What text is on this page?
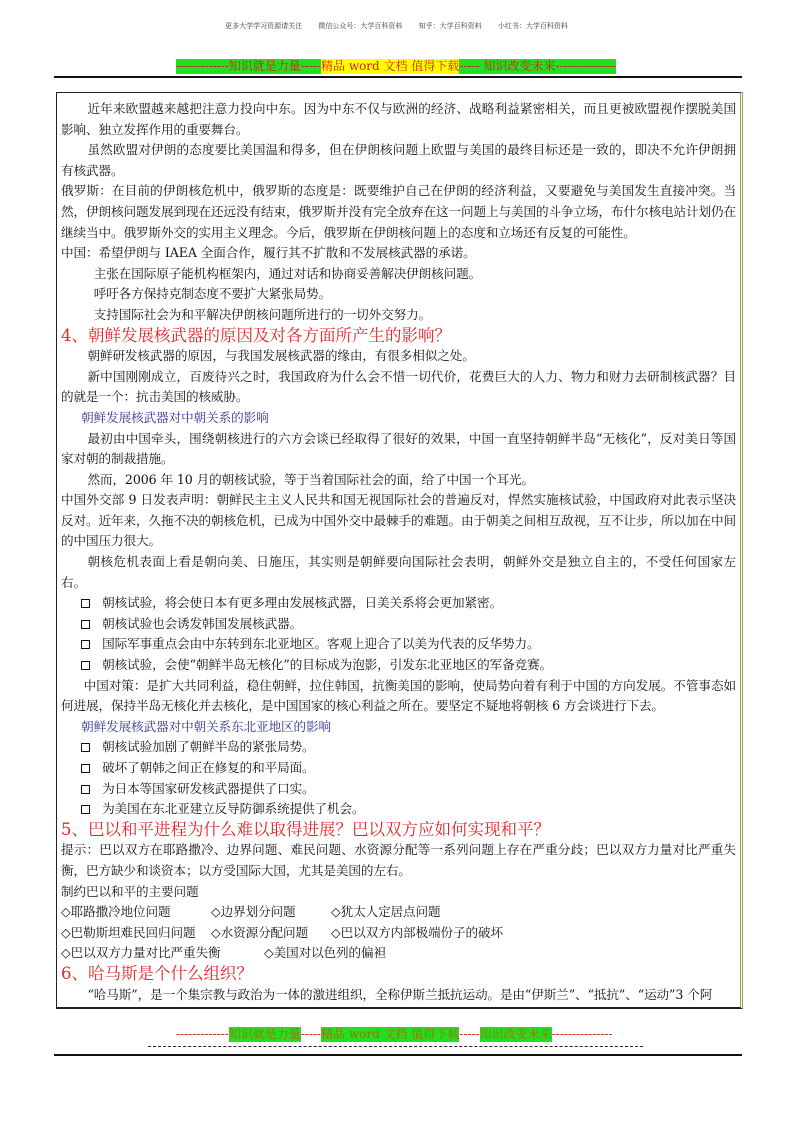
更多大学学习资源请关注 微信公众号：大学百科资料 知乎：大学百科资料 小红书：大学百科资料
-------------知识就是力量-----精品 word 文档 值得下载----- 知识改变未来---------------

近年来欧盟越来越把注意力投向中东。因为中东不仅与欧洲的经济、战略利益紧密相关，而且更被欧盟视作摆脱美国影响、独立发挥作用的重要舞台。

虽然欧盟对伊朗的态度要比美国温和得多，但在伊朗核问题上欧盟与美国的最终目标还是一致的，即决不允许伊朗拥有核武器。

俄罗斯：在目前的伊朗核危机中，俄罗斯的态度是：既要维护自己在伊朗的经济利益，又要避免与美国发生直接冲突。当然，伊朗核问题发展到现在还远没有结束，俄罗斯并没有完全放弃在这一问题上与美国的斗争立场，布什尔核电站计划仍在继续当中。俄罗斯外交的实用主义理念。今后，俄罗斯在伊朗核问题上的态度和立场还有反复的可能性。

中国：希望伊朗与 IAEA 全面合作，履行其不扩散和不发展核武器的承诺。

主张在国际原子能机构框架内，通过对话和协商妥善解决伊朗核问题。

呼吁各方保持克制态度不要扩大紧张局势。

支持国际社会为和平解决伊朗核问题所进行的一切外交努力。

4、朝鲜发展核武器的原因及对各方面所产生的影响？

朝鲜研发核武器的原因，与我国发展核武器的缘由，有很多相似之处。

新中国刚刚成立，百废待兴之时，我国政府为什么会不惜一切代价，花费巨大的人力、物力和财力去研制核武器？目的就是一个：抗击美国的核威胁。

朝鲜发展核武器对中朝关系的影响

最初由中国牵头，围绕朝核进行的六方会谈已经取得了很好的效果，中国一直坚持朝鲜半岛“无核化”，反对美日等国家对朝的制裁措施。

然而，2006 年 10 月的朝核试验，等于当着国际社会的面，给了中国一个耳光。

中国外交部 9 日发表声明：朝鲜民主主义人民共和国无视国际社会的普遍反对，悍然实施核试验，中国政府对此表示坚决反对。近年来，久拖不决的朝核危机，已成为中国外交中最棘手的难题。由于朝美之间相互敌视，互不让步，所以加在中间的中国压力很大。

朝核危机表面上看是朝向美、日施压，其实则是朝鲜要向国际社会表明，朝鲜外交是独立自主的，不受任何国家左右。

朝核试验，将会使日本有更多理由发展核武器，日美关系将会更加紧密。

朝核试验也会诱发韩国发展核武器。

国际军事重点会由中东转到东北亚地区。客观上迎合了以美为代表的反华势力。

朝核试验，会使“朝鲜半岛无核化”的目标成为泡影，引发东北亚地区的军备竞赛。

中国对策：是扩大共同利益，稳住朝鲜，拉住韩国，抗衡美国的影响，使局势向着有利于中国的方向发展。不管事态如何进展，保持半岛无核化并去核化，是中国国家的核心利益之所在。要坚定不疑地将朝核 6 方会谈进行下去。

朝鲜发展核武器对中朝关系东北亚地区的影响

朝核试验加剧了朝鲜半岛的紧张局势。

破坏了朝韩之间正在修复的和平局面。

为日本等国家研发核武器提供了口实。

为美国在东北亚建立反导防御系统提供了机会。

5、巴以和平进程为什么难以取得进展？巴以双方应如何实现和平？

提示：巴以双方在耶路撒冷、边界问题、难民问题、水资源分配等一系列问题上存在严重分歧；巴以双方力量对比严重失衡，巴方缺少和谈资本；以方受国际大国，尤其是美国的左右。

制约巴以和平的主要问题

◇耶路撒冷地位问题	◇边界划分问题	◇犹太人定居点问题

◇巴勒斯坦难民回归问题 ◇水资源分配问题 ◇巴以双方内部极端份子的破坏

◇巴以双方力量对比严重失衡	◇美国对以色列的偏袒

6、哈马斯是个什么组织？

“哈马斯”，是一个集宗教与政治为一体的激进组织，全称伊斯兰抵抗运动。是由“伊斯兰”、“抵抗”、“运动”3 个阿

-------------知识就是力量-----精品 word 文档 值得下载-----知识改变未来---------------
